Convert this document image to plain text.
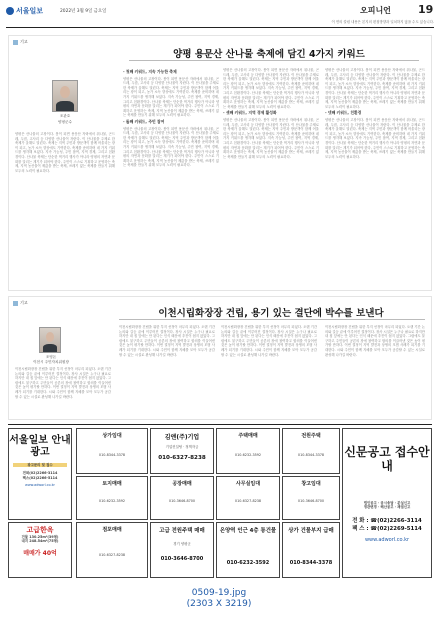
서울일보	2022년 3월 9일 금요일	오피니언 19
이 면의 칼럼 내용은 본지의 편집방향과 일치하지 않을 수도 있습니다.
기고
양평 용문산 산나물 축제에 담긴 4가지 키워드
조관호
양평군수
양평은 산나물의 고장이다. 봄이 되면 용문산 자락에서 취나물, 곤드레, 두릅, 고사리 등 다양한 산나물이 자란다. 이 산나물을 주제로 한 축제가 올해도 열린다. 축제는 지역 주민과 방문객이 함께 어울리는 장이 되고, 농가 소득 향상에도 기여한다. 축제를 준비하며 네 가지 키워드를 생각해 보았다. 지속 가능성, 주민 참여, 지역 경제, 그리고 친환경이다. 산나물 축제는 단순한 먹거리 행사가 아니라 양평의 자연과 문화를 알리는 계기가 되어야 한다. 주민이 스스로 기획하고 운영하는 축제, 지역 농산물이 제값을 받는 축제, 쓰레기 없는 축제를 만들기 위해 모두의 노력이 필요하다.
- 첫째 키워드, 지속 가능한 축제
양평은 산나물의 고장이다. 봄이 되면 용문산 자락에서 취나물, 곤드레, 두릅, 고사리 등 다양한 산나물이 자란다. 이 산나물을 주제로 한 축제가 올해도 열린다. 축제는 지역 주민과 방문객이 함께 어울리는 장이 되고, 농가 소득 향상에도 기여한다. 축제를 준비하며 네 가지 키워드를 생각해 보았다. 지속 가능성, 주민 참여, 지역 경제, 그리고 친환경이다. 산나물 축제는 단순한 먹거리 행사가 아니라 양평의 자연과 문화를 알리는 계기가 되어야 한다. 주민이 스스로 기획하고 운영하는 축제, 지역 농산물이 제값을 받는 축제, 쓰레기 없는 축제를 만들기 위해 모두의 노력이 필요하다.
- 둘째 키워드, 주민 참여
양평은 산나물의 고장이다. 봄이 되면 용문산 자락에서 취나물, 곤드레, 두릅, 고사리 등 다양한 산나물이 자란다. 이 산나물을 주제로 한 축제가 올해도 열린다. 축제는 지역 주민과 방문객이 함께 어울리는 장이 되고, 농가 소득 향상에도 기여한다. 축제를 준비하며 네 가지 키워드를 생각해 보았다. 지속 가능성, 주민 참여, 지역 경제, 그리고 친환경이다. 산나물 축제는 단순한 먹거리 행사가 아니라 양평의 자연과 문화를 알리는 계기가 되어야 한다. 주민이 스스로 기획하고 운영하는 축제, 지역 농산물이 제값을 받는 축제, 쓰레기 없는 축제를 만들기 위해 모두의 노력이 필요하다.
양평은 산나물의 고장이다. 봄이 되면 용문산 자락에서 취나물, 곤드레, 두릅, 고사리 등 다양한 산나물이 자란다. 이 산나물을 주제로 한 축제가 올해도 열린다. 축제는 지역 주민과 방문객이 함께 어울리는 장이 되고, 농가 소득 향상에도 기여한다. 축제를 준비하며 네 가지 키워드를 생각해 보았다. 지속 가능성, 주민 참여, 지역 경제, 그리고 친환경이다. 산나물 축제는 단순한 먹거리 행사가 아니라 양평의 자연과 문화를 알리는 계기가 되어야 한다. 주민이 스스로 기획하고 운영하는 축제, 지역 농산물이 제값을 받는 축제, 쓰레기 없는 축제를 만들기 위해 모두의 노력이 필요하다.
- 셋째 키워드, 지역 경제 활성화
양평은 산나물의 고장이다. 봄이 되면 용문산 자락에서 취나물, 곤드레, 두릅, 고사리 등 다양한 산나물이 자란다. 이 산나물을 주제로 한 축제가 올해도 열린다. 축제는 지역 주민과 방문객이 함께 어울리는 장이 되고, 농가 소득 향상에도 기여한다. 축제를 준비하며 네 가지 키워드를 생각해 보았다. 지속 가능성, 주민 참여, 지역 경제, 그리고 친환경이다. 산나물 축제는 단순한 먹거리 행사가 아니라 양평의 자연과 문화를 알리는 계기가 되어야 한다. 주민이 스스로 기획하고 운영하는 축제, 지역 농산물이 제값을 받는 축제, 쓰레기 없는 축제를 만들기 위해 모두의 노력이 필요하다.
양평은 산나물의 고장이다. 봄이 되면 용문산 자락에서 취나물, 곤드레, 두릅, 고사리 등 다양한 산나물이 자란다. 이 산나물을 주제로 한 축제가 올해도 열린다. 축제는 지역 주민과 방문객이 함께 어울리는 장이 되고, 농가 소득 향상에도 기여한다. 축제를 준비하며 네 가지 키워드를 생각해 보았다. 지속 가능성, 주민 참여, 지역 경제, 그리고 친환경이다. 산나물 축제는 단순한 먹거리 행사가 아니라 양평의 자연과 문화를 알리는 계기가 되어야 한다. 주민이 스스로 기획하고 운영하는 축제, 지역 농산물이 제값을 받는 축제, 쓰레기 없는 축제를 만들기 위해 모두의 노력이 필요하다.
- 넷째 키워드, 친환경
양평은 산나물의 고장이다. 봄이 되면 용문산 자락에서 취나물, 곤드레, 두릅, 고사리 등 다양한 산나물이 자란다. 이 산나물을 주제로 한 축제가 올해도 열린다. 축제는 지역 주민과 방문객이 함께 어울리는 장이 되고, 농가 소득 향상에도 기여한다. 축제를 준비하며 네 가지 키워드를 생각해 보았다. 지속 가능성, 주민 참여, 지역 경제, 그리고 친환경이다. 산나물 축제는 단순한 먹거리 행사가 아니라 양평의 자연과 문화를 알리는 계기가 되어야 한다. 주민이 스스로 기획하고 운영하는 축제, 지역 농산물이 제값을 받는 축제, 쓰레기 없는 축제를 만들기 위해 모두의 노력이 필요하다.
기고
이천시립화장장 건립, 용기 있는 결단에 박수를 보낸다
조영돈
이천시 주민자치위원장
이천시립화장장 건립을 위한 부지 선정이 마무리 되었다. 오랜 기간 논의와 갈등 끝에 이루어진 결정이다. 장사 시설은 누구나 필요로 하지만 내 집 앞에는 안 된다는 인식 때문에 추진이 쉽지 않았다. 그럼에도 불구하고 주민들이 공론의 장에 참여하고 합의를 이끌어낸 것은 높이 평가할 만하다. 이번 결정이 지역 발전과 상생의 모범 사례가 되기를 기대한다. 시와 주민이 함께 지혜를 모아 모두가 공감할 수 있는 시설로 완성해 나가길 바란다.
이천시립화장장 건립을 위한 부지 선정이 마무리 되었다. 오랜 기간 논의와 갈등 끝에 이루어진 결정이다. 장사 시설은 누구나 필요로 하지만 내 집 앞에는 안 된다는 인식 때문에 추진이 쉽지 않았다. 그럼에도 불구하고 주민들이 공론의 장에 참여하고 합의를 이끌어낸 것은 높이 평가할 만하다. 이번 결정이 지역 발전과 상생의 모범 사례가 되기를 기대한다. 시와 주민이 함께 지혜를 모아 모두가 공감할 수 있는 시설로 완성해 나가길 바란다.
이천시립화장장 건립을 위한 부지 선정이 마무리 되었다. 오랜 기간 논의와 갈등 끝에 이루어진 결정이다. 장사 시설은 누구나 필요로 하지만 내 집 앞에는 안 된다는 인식 때문에 추진이 쉽지 않았다. 그럼에도 불구하고 주민들이 공론의 장에 참여하고 합의를 이끌어낸 것은 높이 평가할 만하다. 이번 결정이 지역 발전과 상생의 모범 사례가 되기를 기대한다. 시와 주민이 함께 지혜를 모아 모두가 공감할 수 있는 시설로 완성해 나가길 바란다.
이천시립화장장 건립을 위한 부지 선정이 마무리 되었다. 오랜 기간 논의와 갈등 끝에 이루어진 결정이다. 장사 시설은 누구나 필요로 하지만 내 집 앞에는 안 된다는 인식 때문에 추진이 쉽지 않았다. 그럼에도 불구하고 주민들이 공론의 장에 참여하고 합의를 이끌어낸 것은 높이 평가할 만하다. 이번 결정이 지역 발전과 상생의 모범 사례가 되기를 기대한다. 시와 주민이 함께 지혜를 모아 모두가 공감할 수 있는 시설로 완성해 나가길 바란다.
서울일보 안내광고
광고문의 및 접수
전화(02)2266-3114
팩스(02)2266-5114
www.adworl.co.kr
상가임대
010-8344-3378
토지매매
010-6232-3592
김앤(주)기업
기업컨설팅 · 정책자금
010-6327-8238
공장매매
010-3646-8700
주택매매
010-6232-3592
사무실임대
010-6327-8238
전원주택
010-8344-3378
창고임대
010-3646-8700
신문공고 접수안내
법인공고 · 공시송달 · 분실신고
정관변경 · 해산공고 · 채권신고
전 화 : ☎(02)2266-3114
팩 스 : ☎(02)2269-5114
www.adworl.co.kr
고급한옥
건물 130.25m²(39평)
대지 248.54m²(75평)
매매가 40억
점포매매
010-6327-8238
고급 전원주택 매매
경기 양평군
010-3646-8700
온양역 인근 4층 통건물
010-6232-3592
상가 건물부지 급매
010-8344-3378
0509-19.jpg
(2303 X 3219)
